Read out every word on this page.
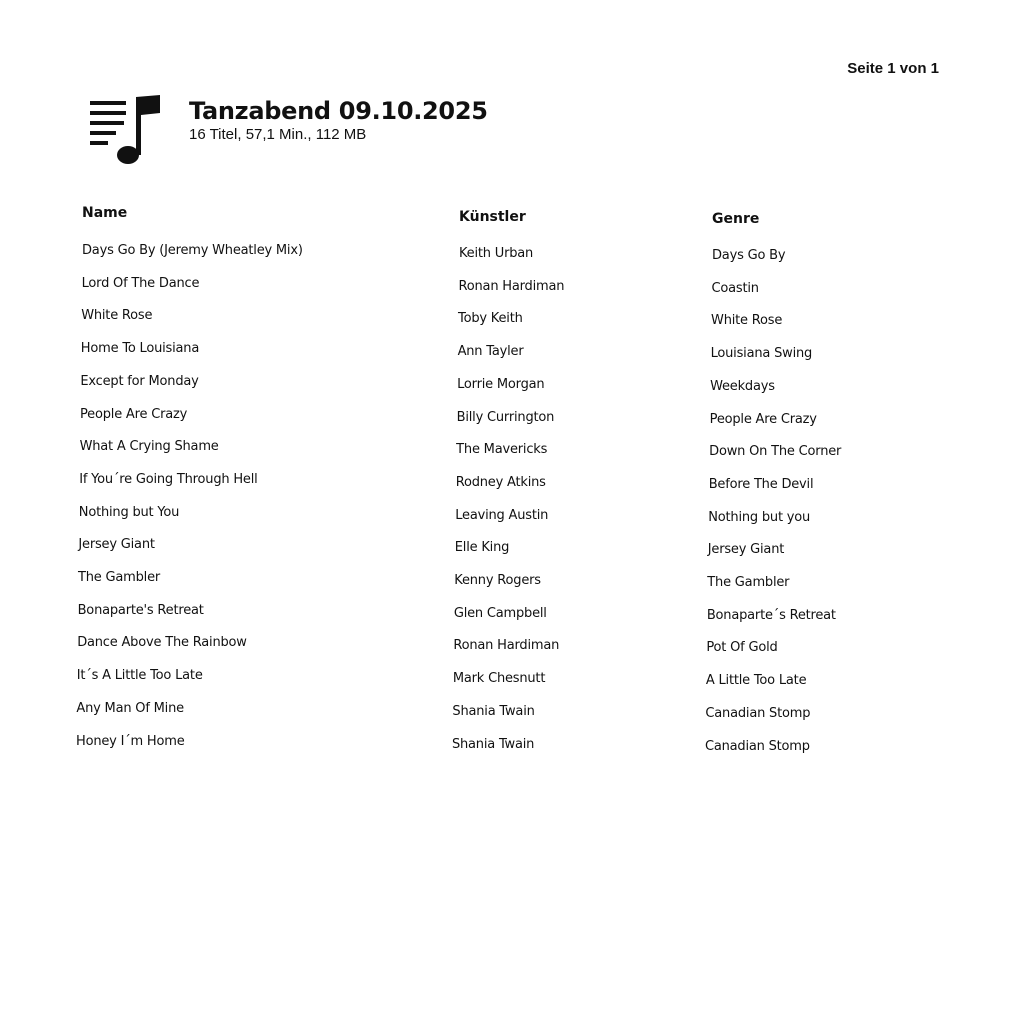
Seite 1 von 1
Tanzabend 09.10.2025
16 Titel, 57,1 Min., 112 MB
Name	Künstler	Genre
Days Go By (Jeremy Wheatley Mix)	Keith Urban	Days Go By
Lord Of The Dance	Ronan Hardiman	Coastin
White Rose	Toby Keith	White Rose
Home To Louisiana	Ann Tayler	Louisiana Swing
Except for Monday	Lorrie Morgan	Weekdays
People Are Crazy	Billy Currington	People Are Crazy
What A Crying Shame	The Mavericks	Down On The Corner
If You´re Going Through Hell	Rodney Atkins	Before The Devil
Nothing but You	Leaving Austin	Nothing but you
Jersey Giant	Elle King	Jersey Giant
The Gambler	Kenny Rogers	The Gambler
Bonaparte's Retreat	Glen Campbell	Bonaparte´s Retreat
Dance Above The Rainbow	Ronan Hardiman	Pot Of Gold
It´s A Little Too Late	Mark Chesnutt	A Little Too Late
Any Man Of Mine	Shania Twain	Canadian Stomp
Honey I´m Home	Shania Twain	Canadian Stomp
